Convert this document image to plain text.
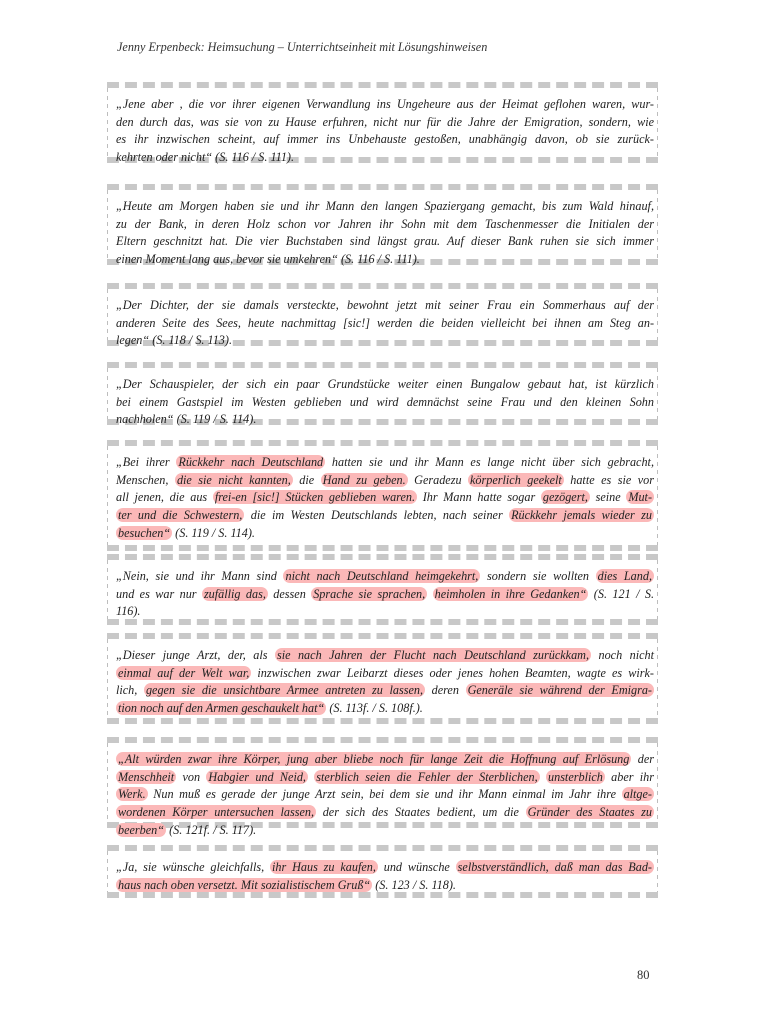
Jenny Erpenbeck: Heimsuchung – Unterrichtseinheit mit Lösungshinweisen
„Jene aber , die vor ihrer eigenen Verwandlung ins Ungeheure aus der Heimat geflohen waren, wur-
den durch das, was sie von zu Hause erfuhren, nicht nur für die Jahre der Emigration, sondern, wie
es ihr inzwischen scheint, auf immer ins Unbehauste gestoßen, unabhängig davon, ob sie zurück-
kehrten oder nicht“ (S. 116 / S. 111).
„Heute am Morgen haben sie und ihr Mann den langen Spaziergang gemacht, bis zum Wald hinauf,
zu der Bank, in deren Holz schon vor Jahren ihr Sohn mit dem Taschenmesser die Initialen der
Eltern geschnitzt hat. Die vier Buchstaben sind längst grau. Auf dieser Bank ruhen sie sich immer
einen Moment lang aus, bevor sie umkehren“ (S. 116 / S. 111).
„Der Dichter, der sie damals versteckte, bewohnt jetzt mit seiner Frau ein Sommerhaus auf der
anderen Seite des Sees, heute nachmittag [sic!] werden die beiden vielleicht bei ihnen am Steg an-
legen“ (S. 118 / S. 113).
„Der Schauspieler, der sich ein paar Grundstücke weiter einen Bungalow gebaut hat, ist kürzlich
bei einem Gastspiel im Westen geblieben und wird demnächst seine Frau und den kleinen Sohn
nachholen“ (S. 119 / S. 114).
„Bei ihrer Rückkehr nach Deutschland hatten sie und ihr Mann es lange nicht über sich gebracht,
Menschen, die sie nicht kannten, die Hand zu geben. Geradezu körperlich geekelt hatte es sie vor
all jenen, die aus frei-en [sic!] Stücken geblieben waren. Ihr Mann hatte sogar gezögert, seine Mut-
ter und die Schwestern, die im Westen Deutschlands lebten, nach seiner Rückkehr jemals wieder zu
besuchen“ (S. 119 / S. 114).
„Nein, sie und ihr Mann sind nicht nach Deutschland heimgekehrt, sondern sie wollten dies Land,
und es war nur zufällig das, dessen Sprache sie sprachen, heimholen in ihre Gedanken“ (S. 121 / S.
116).
„Dieser junge Arzt, der, als sie nach Jahren der Flucht nach Deutschland zurückkam, noch nicht
einmal auf der Welt war, inzwischen zwar Leibarzt dieses oder jenes hohen Beamten, wagte es wirk-
lich, gegen sie die unsichtbare Armee antreten zu lassen, deren Generäle sie während der Emigra-
tion noch auf den Armen geschaukelt hat“ (S. 113f. / S. 108f.).
„Alt würden zwar ihre Körper, jung aber bliebe noch für lange Zeit die Hoffnung auf Erlösung der
Menschheit von Habgier und Neid, sterblich seien die Fehler der Sterblichen, unsterblich aber ihr
Werk. Nun muß es gerade der junge Arzt sein, bei dem sie und ihr Mann einmal im Jahr ihre altge-
wordenen Körper untersuchen lassen, der sich des Staates bedient, um die Gründer des Staates zu
beerben“ (S. 121f. / S. 117).
„Ja, sie wünsche gleichfalls, ihr Haus zu kaufen, und wünsche selbstverständlich, daß man das Bad-
haus nach oben versetzt. Mit sozialistischem Gruß“ (S. 123 / S. 118).
80
